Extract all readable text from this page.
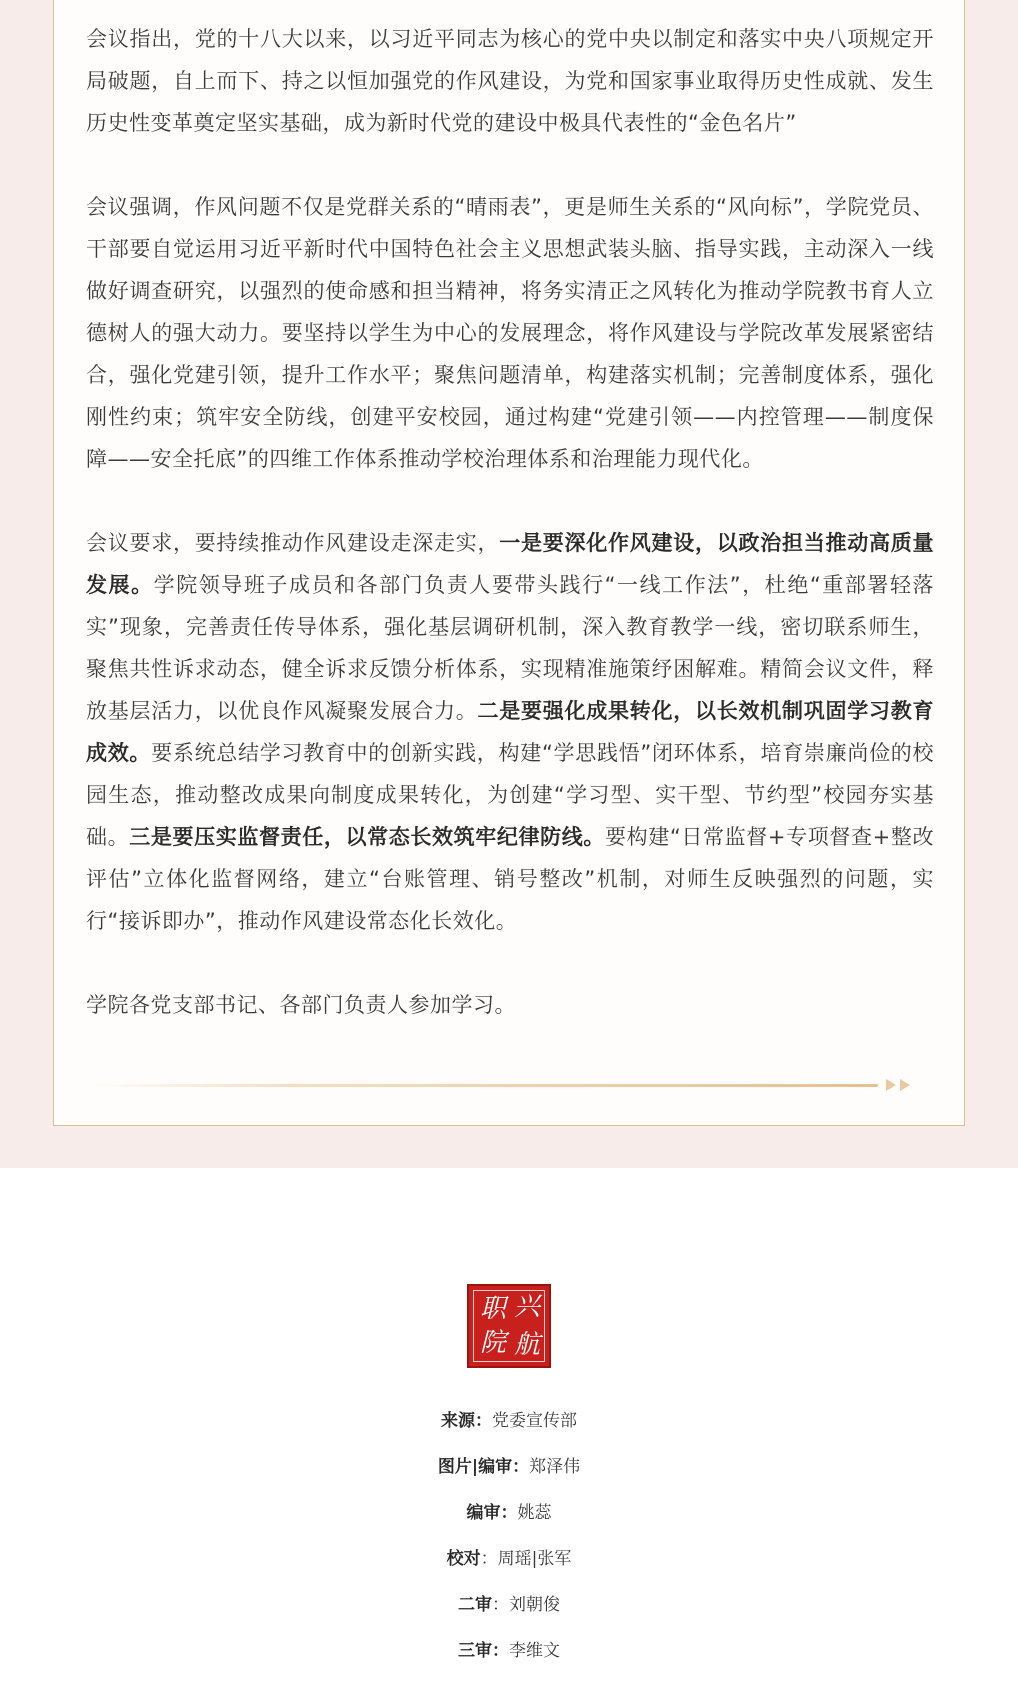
会议指出，党的十八大以来，以习近平同志为核心的党中央以制定和落实中央八项规定开局破题，自上而下、持之以恒加强党的作风建设，为党和国家事业取得历史性成就、发生历史性变革奠定坚实基础，成为新时代党的建设中极具代表性的“金色名片”

会议强调，作风问题不仅是党群关系的“晴雨表”，更是师生关系的“风向标”，学院党员、干部要自觉运用习近平新时代中国特色社会主义思想武装头脑、指导实践，主动深入一线做好调查研究，以强烈的使命感和担当精神，将务实清正之风转化为推动学院教书育人立德树人的强大动力。要坚持以学生为中心的发展理念，将作风建设与学院改革发展紧密结合，强化党建引领，提升工作水平；聚焦问题清单，构建落实机制；完善制度体系，强化刚性约束；筑牢安全防线，创建平安校园，通过构建“党建引领——内控管理——制度保障——安全托底”的四维工作体系推动学校治理体系和治理能力现代化。

会议要求，要持续推动作风建设走深走实，一是要深化作风建设，以政治担当推动高质量发展。学院领导班子成员和各部门负责人要带头践行“一线工作法”，杜绝“重部署轻落实”现象，完善责任传导体系，强化基层调研机制，深入教育教学一线，密切联系师生，聚焦共性诉求动态，健全诉求反馈分析体系，实现精准施策纾困解难。精简会议文件，释放基层活力，以优良作风凝聚发展合力。二是要强化成果转化，以长效机制巩固学习教育成效。要系统总结学习教育中的创新实践，构建“学思践悟”闭环体系，培育崇廉尚俭的校园生态，推动整改成果向制度成果转化，为创建“学习型、实干型、节约型”校园夯实基础。三是要压实监督责任，以常态长效筑牢纪律防线。要构建“日常监督+专项督查+整改评估”立体化监督网络，建立“台账管理、销号整改”机制，对师生反映强烈的问题，实行“接诉即办”，推动作风建设常态化长效化。

学院各党支部书记、各部门负责人参加学习。

职 兴
院 航
来源：党委宣传部
图片|编审：郑泽伟
编审：姚蕊
校对：周瑶|张军
二审：刘朝俊
三审：李维文
